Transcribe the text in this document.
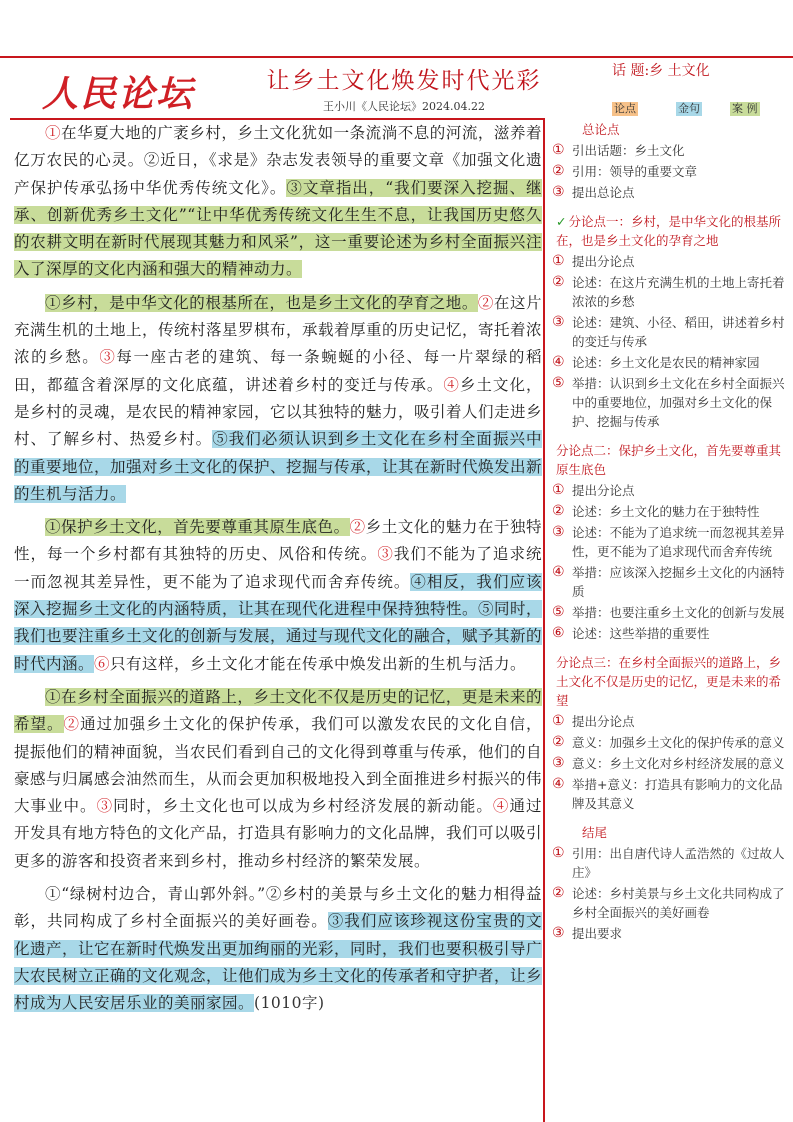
人民论坛	让乡土文化焕发时代光彩
王小川《人民论坛》2024.04.22
话 题:乡 土文化
论点	金句	案 例

①在华夏大地的广袤乡村，乡土文化犹如一条流淌不息的河流，滋养着亿万农民的心灵。②近日，《求是》杂志发表领导的重要文章《加强文化遗产保护传承弘扬中华优秀传统文化》。③文章指出，“我们要深入挖掘、继承、创新优秀乡土文化”“让中华优秀传统文化生生不息，让我国历史悠久的农耕文明在新时代展现其魅力和风采”，这一重要论述为乡村全面振兴注入了深厚的文化内涵和强大的精神动力。

①乡村，是中华文化的根基所在，也是乡土文化的孕育之地。②在这片充满生机的土地上，传统村落星罗棋布，承载着厚重的历史记忆，寄托着浓浓的乡愁。③每一座古老的建筑、每一条蜿蜒的小径、每一片翠绿的稻田，都蕴含着深厚的文化底蕴，讲述着乡村的变迁与传承。④乡土文化，是乡村的灵魂，是农民的精神家园，它以其独特的魅力，吸引着人们走进乡村、了解乡村、热爱乡村。⑤我们必须认识到乡土文化在乡村全面振兴中的重要地位，加强对乡土文化的保护、挖掘与传承，让其在新时代焕发出新的生机与活力。

①保护乡土文化，首先要尊重其原生底色。②乡土文化的魅力在于独特性，每一个乡村都有其独特的历史、风俗和传统。③我们不能为了追求统一而忽视其差异性，更不能为了追求现代而舍弃传统。④相反，我们应该深入挖掘乡土文化的内涵特质，让其在现代化进程中保持独特性。⑤同时，我们也要注重乡土文化的创新与发展，通过与现代文化的融合，赋予其新的时代内涵。⑥只有这样，乡土文化才能在传承中焕发出新的生机与活力。

①在乡村全面振兴的道路上，乡土文化不仅是历史的记忆，更是未来的希望。②通过加强乡土文化的保护传承，我们可以激发农民的文化自信，提振他们的精神面貌，当农民们看到自己的文化得到尊重与传承，他们的自豪感与归属感会油然而生，从而会更加积极地投入到全面推进乡村振兴的伟大事业中。③同时，乡土文化也可以成为乡村经济发展的新动能。④通过开发具有地方特色的文化产品，打造具有影响力的文化品牌，我们可以吸引更多的游客和投资者来到乡村，推动乡村经济的繁荣发展。

①“绿树村边合，青山郭外斜。”②乡村的美景与乡土文化的魅力相得益彰，共同构成了乡村全面振兴的美好画卷。③我们应该珍视这份宝贵的文化遗产，让它在新时代焕发出更加绚丽的光彩，同时，我们也要积极引导广大农民树立正确的文化观念，让他们成为乡土文化的传承者和守护者，让乡村成为人民安居乐业的美丽家园。(1010字)

总论点
① 引出话题：乡土文化
② 引用：领导的重要文章
③ 提出总论点
✓ 分论点一：乡村，是中华文化的根基所在，也是乡土文化的孕育之地
① 提出分论点
② 论述：在这片充满生机的土地上寄托着浓浓的乡愁
③ 论述：建筑、小径、稻田，讲述着乡村的变迁与传承
④ 论述：乡土文化是农民的精神家园
⑤ 举措：认识到乡土文化在乡村全面振兴中的重要地位，加强对乡土文化的保护、挖掘与传承
分论点二：保护乡土文化，首先要尊重其原生底色
① 提出分论点
② 论述：乡土文化的魅力在于独特性
③ 论述：不能为了追求统一而忽视其差异性，更不能为了追求现代而舍弃传统
④ 举措：应该深入挖掘乡土文化的内涵特质
⑤ 举措：也要注重乡土文化的创新与发展
⑥ 论述：这些举措的重要性
分论点三：在乡村全面振兴的道路上，乡土文化不仅是历史的记忆，更是未来的希望
① 提出分论点
② 意义：加强乡土文化的保护传承的意义
③ 意义：乡土文化对乡村经济发展的意义
④ 举措+意义：打造具有影响力的文化品牌及其意义
结尾
① 引用：出自唐代诗人孟浩然的《过故人庄》
② 论述：乡村美景与乡土文化共同构成了乡村全面振兴的美好画卷
③ 提出要求
